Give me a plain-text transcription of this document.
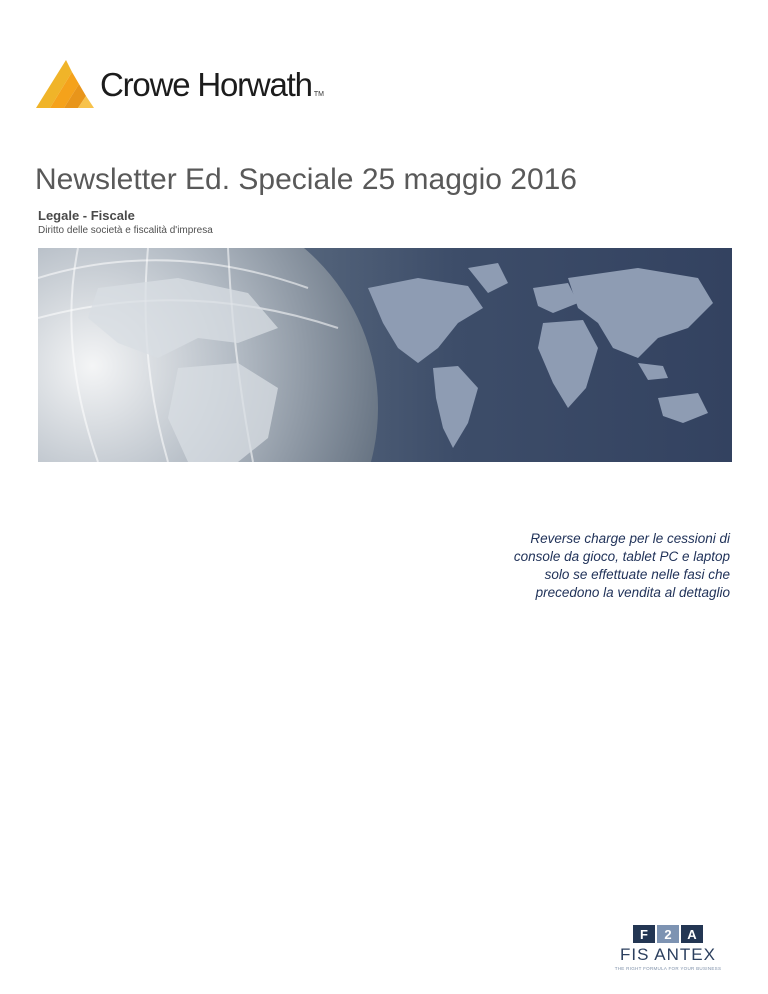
Crowe Horwath TM
Newsletter Ed. Speciale 25 maggio 2016
Legale - Fiscale
Diritto delle società e fiscalità d'impresa
Reverse charge per le cessioni di
console da gioco, tablet PC e laptop
solo se effettuate nelle fasi che
precedono la vendita al dettaglio
F	2	A
FIS ANTEX
THE RIGHT FORMULA FOR YOUR BUSINESS
